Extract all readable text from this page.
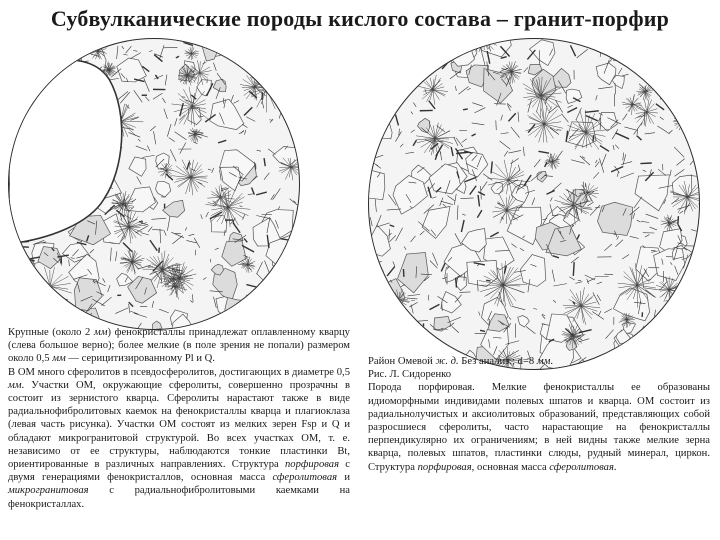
Субвулканические породы кислого состава – гранит-порфир

Крупные (около 2 мм) фенокристаллы принадлежат оплавленному кварцу (слева большое верно); более мелкие (в поле зрения не попали) размером около 0,5 мм — серицитизированному Pl и Q.

В ОМ много сферолитов в псевдосферолитов, достигающих в диаметре 0,5 мм. Участки ОМ, окружающие сферолиты, совершенно прозрачны в состоит из зернистого кварца. Сферолиты нарастают также в виде радиальнофибролитовых каемок на фенокристаллы кварца и плагиоклаза (левая часть рисунка). Участки ОМ состоят из мелких зерен Fsp и Q и обладают микрогранитовой структурой. Во всех участках ОМ, т. е. независимо от ее структуры, наблюдаются тонкие пластинки Bt, ориентированные в различных направлениях. Структура порфировая с двумя генерациями фенокристаллов, основная масса сферолитовая и микрогранитовая с радиальнофибролитовыми каемками на фенокристаллах.

Район Омевой ж. д. Без анализ.; d=8 мм.

Рис. Л. Сидоренко

Порода порфировая. Мелкие фенокристаллы ее образованы идиоморфными индивидами полевых шпатов и кварца. ОМ состоит из радиальнолучистых и аксиолитовых образований, представляющих собой разросшиеся сферолиты, часто нарастающие на фенокристаллы перпендикулярно их ограничениям; в ней видны также мелкие зерна кварца, полевых шпатов, пластинки слюды, рудный минерал, циркон. Структура порфировая, основная масса сферолитовая.
